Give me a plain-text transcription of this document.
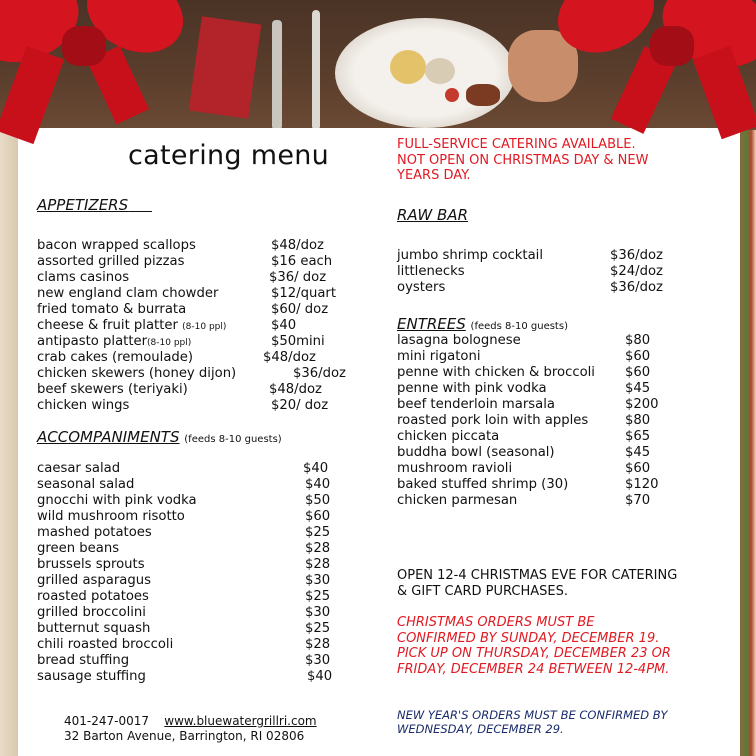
catering menu	FULL-SERVICE CATERING AVAILABLE.
NOT OPEN ON CHRISTMAS DAY & NEW
YEARS DAY.
APPETIZERS
bacon wrapped scallops	$48/doz
assorted grilled pizzas	$16 each
clams casinos	$36/ doz
new england clam chowder	$12/quart
fried tomato & burrata	$60/ doz
cheese & fruit platter (8-10 ppl)	$40
antipasto platter(8-10 ppl)	$50mini
crab cakes (remoulade)	$48/doz
chicken skewers (honey dijon)	$36/doz
beef skewers (teriyaki)	$48/doz
chicken wings	$20/ doz
ACCOMPANIMENTS (feeds 8-10 guests)
caesar salad	$40
seasonal salad	$40
gnocchi with pink vodka	$50
wild mushroom risotto	$60
mashed potatoes	$25
green beans	$28
brussels sprouts	$28
grilled asparagus	$30
roasted potatoes	$25
grilled broccolini	$30
butternut squash	$25
chili roasted broccoli	$28
bread stuffing	$30
sausage stuffing	$40
RAW BAR
jumbo shrimp cocktail	$36/doz
littlenecks	$24/doz
oysters	$36/doz
ENTREES (feeds 8-10 guests)
lasagna bolognese	$80
mini rigatoni	$60
penne with chicken & broccoli $60
penne with pink vodka	$45
beef tenderloin marsala	$200
roasted pork loin with apples	$80
chicken piccata	$65
buddha bowl (seasonal)	$45
mushroom ravioli	$60
baked stuffed shrimp (30)	$120
chicken parmesan	$70
OPEN 12-4 CHRISTMAS EVE FOR CATERING
& GIFT CARD PURCHASES.
CHRISTMAS ORDERS MUST BE
CONFIRMED BY SUNDAY, DECEMBER 19.
PICK UP ON THURSDAY, DECEMBER 23 OR
FRIDAY, DECEMBER 24 BETWEEN 12-4PM.
NEW YEAR'S ORDERS MUST BE CONFIRMED BY
WEDNESDAY, DECEMBER 29.
401-247-0017 www.bluewatergrillri.com
32 Barton Avenue, Barrington, RI 02806
